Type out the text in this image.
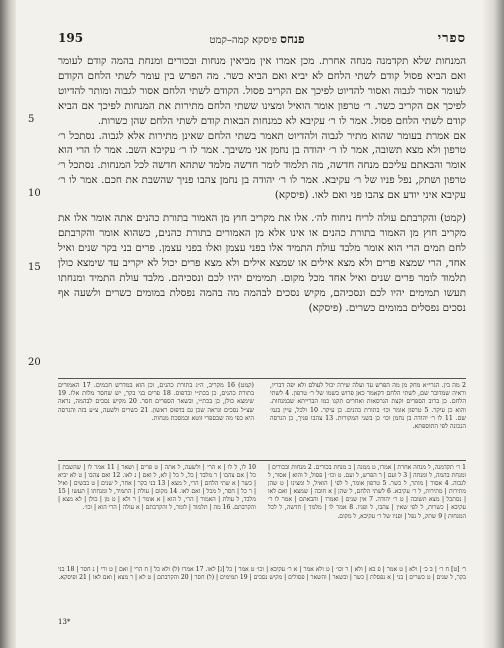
ספרי
פנחס פיסקא קמה–קמט
195
5
10
15
20

המנחות שלא תקדמנה מנחה אחרת. מכן אמרו אין מביאין מנחות ובכורים ומנחת בהמה קודם לעומר ואם הביא פסול קודם לשתי הלחם לא יביא ואם הביא כשר. מה הפרש בין עומר לשתי הלחם הקודם לעומר אסור לגבוה ואסור להדיוט לפיכך אם הקריב פסול. הקודם לשתי הלחם אסור לגבוה ומותר להדיוט לפיכך אם הקריב כשר. ר׳ טרפון אומר הואיל ומצינו ששתי הלחם מתירות את המנחות לפיכך אם הביא קודם לשתי הלחם פסול. אמר לו ר׳ עקיבא לא כמנחות הבאות קודם לשתי הלחם שהן כשרות.

אם אמרת בעומר שהוא מתיר לגבוה ולהדיוט תאמר בשתי הלחם שאינן מתירות אלא לגבוה. נסתכל ר׳ טרפון ולא מצא תשובה, אמר לו ר׳ יהודה בן נחמן אני משיבך. אמר לו ר׳ עקיבא השב. אמר לו הרי הוא אומר והבאתם עליכם מנחה חדשה, מה תלמוד לומר חדשה מלמד שתהא חדשה לכל המנחות. נסתכל ר׳ טרפון ושתק, נפל פניו של ר׳ עקיבא. אמר לו ר׳ יהודה בן נחמן צהבו פניך שהשבת את חכם. אמר לו ר׳ עקיבא איני יודע אם צהבו פני ואם לאו. (פיסקא)

(קמט) והקרבתם עולה לריח ניחוח לה׳. אלו את מקריב חוץ מן האמור בתורת כהנים אתה אומר אלו את מקריב חוץ מן האמור בתורת כהנים או אינו אלא מן האמורים בתורת כהנים, כשהוא אומר והקרבתם לחם תמים הרי הוא אומר מלבד עולת התמיד אלו בפני עצמן ואלו בפני עצמן. פרים בני בקר שנים ואיל אחד, הרי שמצא פרים ולא מצא אילים או שמצא אילים ולא מצא פרים יכול לא יקריב עד שימצא כולן תלמוד לומר פרים שנים ואיל אחד מכל מקום. תמימים יהיו לכם ונסכיהם. מלבד עולת התמיד ומנחתו תעשו תמימים יהיו לכם ונסכיהם, מקיש נסכים לבהמה מה בהמה נפסלת במומים כשרים ולשעה אף נסכים נפסלים במומים כשרים. (פיסקא)

2 מה בין. הגרי״א מחק מן מה הפרש עד ועלה שירה יכול לעולם ולא יפה דבריו, וראיה שמדובר שם, לשתי הלחם דקאמר כאן פרוש בשמו של ר׳ טרפון. 4 לשתי הלחם. כן ברוב הספרים וקצת הגרסאות ואחרים תקנו כמו הברייתא שבמנחות. והוא כן עיקר. 5 טרפון אומר וכו׳ בתורת כהנים. כן עיקר. 10 ולכל, עיין בגמ׳ שם. 11 לו ר׳ יהודה בן נחמן וכו׳ כן בשני המקורות. 13 צהבו פניך, כן הגרסה הנכונה לפי התוספתא.
(קמט) 16 מקריב, ה״ג בתורת כהנים, וכן הוא במדרש חכמים. 17 האמורים בתורת כהנים, כן בכת״י ובדפוס. 18 פרים בני בקר, יש שחסר מלות אלו. 19 שימצא כולן, כן בכת״י, ובשאר הספרים חסר. 20 מקיש נסכים לבהמה, נראה שצ״ל נסכים ונראה שכן גם בדפוס ראשון. 21 כשרים ולשעה, צ״ע בזה והגרסה היא כפי מה שבספרי זוטא ובמסכת מנחות.
1 ר׳ תקדמנה, ל מנחה אחרת | אמרו, ט ממנה | ב מנחת בכורים. 2 מנחות ובכורים | ומנחת בהמה, ל ומנחה | 3 ל ועם | ר הפרש, ל ועם. ט וכו׳ | פסול, ל והוא | אסור, ל לגבוה. 4 אסור | מותר, ל כשר. 5 טרפון אומר, ל לפי | הואיל, ל ומצינו | ט שהן מתירות | מתירות, ל ר׳ עקיבא. 6 לשתי הלחם, ל שהן | א חובה | שמצא | ואם לאו | נסתכל | מצא תשובה | ט ר׳ יהודה. 7 אין שנים | ואמרו | והבאתם | אמר לו ר׳ עקיבא | כשרות, ל לפי שאין | צהבו, ל ופניו. 8 אמר לו | מלמד | חדשה, ל לכל המנחות | 9 שתק, ל נפל | ופניו של ר׳ עקיבא, ל מקום.
10 לו, ל לו | א הרי | ולשעה, ל אתה | ט פרים | ושאר | 11 אמר לו | שהשבת | כל | אם צהבו | ר מלבד | כל, ל כל | לא, ל ואם | נ לאו. 12 ואם צהבו | ט לא יביא | כשר | א שתי הלחם | הרי, ל מצא | 13 בני בקר | אחר, ל שנים | ט כבשים | ואיל | ר כל | חסר, ל מכל | ואם לאו. 14 מקום | עולת | התמיד, ל ומנחתו | תעשו | 15 מלבד, ל עולת | האמור | הרי, ל הוא | א אומר | ר ולא | ט מן | כולן | לא מצא | והקרבתם. 16 מה | תלמוד | לומר, ל והקרבתם | א עולה | הרי הוא | וכו׳.
ר׳ [ט] ח ר׳ | ב כ׳ | ולא | ט אמר | פ בא | ולא | ר וכו׳ | ט ולא אמר | א ר׳ עקיבא | וכו׳ ט אמר | כל [נ] לאו. 17 אמרו (ל) ולא כל | ח הרי | ואם | ט ורי | נ חסר | 18 בני בקר, ל שנים | ט כשרים | בני | א נפסלת | כשר | ובשאר | והשאר | פסולים | מקיש נסכים | 19 תמימים | (ל) חסר | 20 והקרבתם | ט לא | ר מצא | ואם לאו | 21 ופיסקא.
13*
